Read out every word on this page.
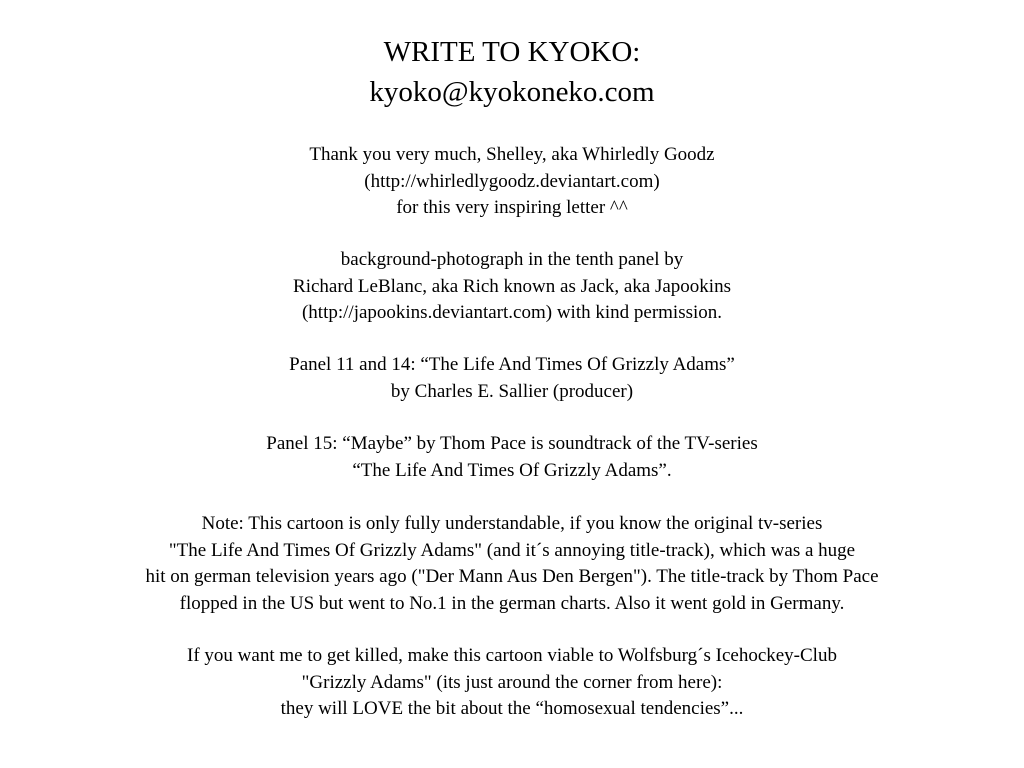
WRITE TO KYOKO:
kyoko@kyokoneko.com
Thank you very much, Shelley, aka Whirledly Goodz
(http://whirledlygoodz.deviantart.com)
for this very inspiring letter ^^
background-photograph in the tenth panel by
Richard LeBlanc, aka Rich known as Jack, aka Japookins
(http://japookins.deviantart.com) with kind permission.
Panel 11 and 14: “The Life And Times Of Grizzly Adams”
by Charles E. Sallier (producer)
Panel 15: “Maybe” by Thom Pace is soundtrack of the TV-series
“The Life And Times Of Grizzly Adams”.
Note: This cartoon is only fully understandable, if you know the original tv-series
"The Life And Times Of Grizzly Adams" (and it´s annoying title-track), which was a huge
hit on german television years ago ("Der Mann Aus Den Bergen"). The title-track by Thom Pace
flopped in the US but went to No.1 in the german charts. Also it went gold in Germany.
If you want me to get killed, make this cartoon viable to Wolfsburg´s Icehockey-Club
"Grizzly Adams" (its just around the corner from here):
they will LOVE the bit about the “homosexual tendencies”...
